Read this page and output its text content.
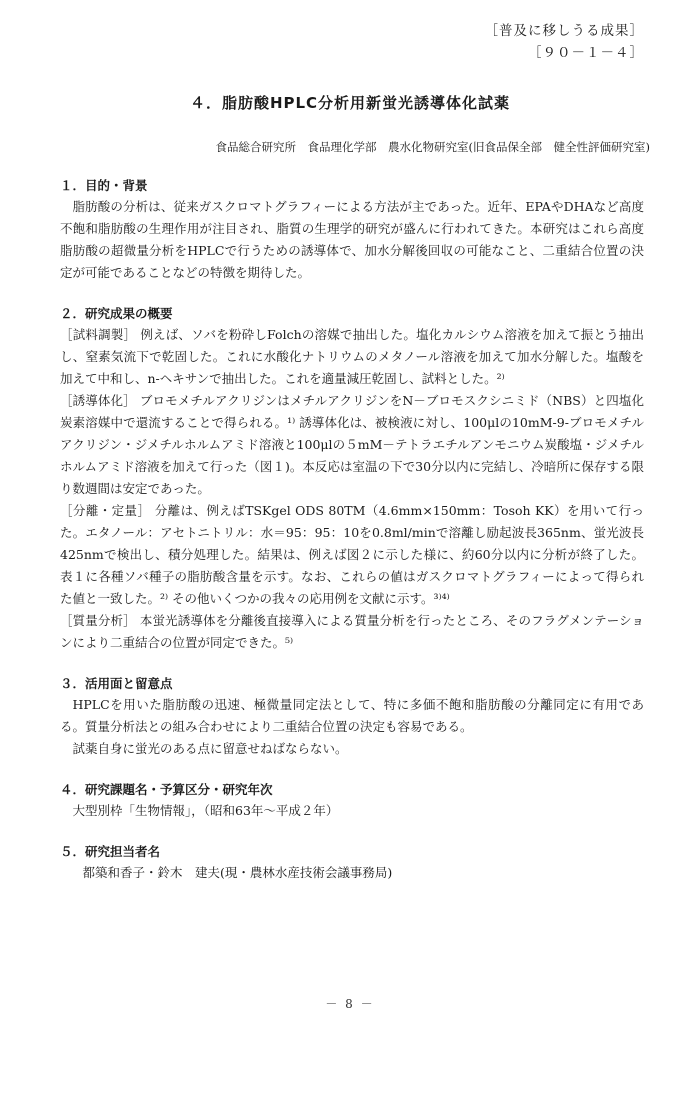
［普及に移しうる成果］
［９０－１－４］
４．脂肪酸HPLC分析用新蛍光誘導体化試薬
食品総合研究所　食品理化学部　農水化物研究室(旧食品保全部　健全性評価研究室)

１．目的・背景

脂肪酸の分析は、従来ガスクロマトグラフィーによる方法が主であった。近年、EPAやDHAなど高度不飽和脂肪酸の生理作用が注目され、脂質の生理学的研究が盛んに行われてきた。本研究はこれら高度脂肪酸の超微量分析をHPLCで行うための誘導体で、加水分解後回収の可能なこと、二重結合位置の決定が可能であることなどの特徴を期待した。

２．研究成果の概要

［試料調製］ 例えば、ソバを粉砕しFolchの溶媒で抽出した。塩化カルシウム溶液を加えて振とう抽出し、窒素気流下で乾固した。これに水酸化ナトリウムのメタノール溶液を加えて加水分解した。塩酸を加えて中和し、n-ヘキサンで抽出した。これを適量減圧乾固し、試料とした。²⁾

［誘導体化］ ブロモメチルアクリジンはメチルアクリジンをN－ブロモスクシニミド（NBS）と四塩化炭素溶媒中で還流することで得られる。¹⁾ 誘導体化は、被検液に対し、100μlの10mM-9-ブロモメチルアクリジン・ジメチルホルムアミド溶液と100μlの５mM－テトラエチルアンモニウム炭酸塩・ジメチルホルムアミド溶液を加えて行った（図１)。本反応は室温の下で30分以内に完結し、冷暗所に保存する限り数週間は安定であった。

［分離・定量］ 分離は、例えばTSKgel ODS 80TM（4.6mm×150mm：Tosoh KK）を用いて行った。エタノール：アセトニトリル：水＝95：95：10を0.8ml/minで溶離し励起波長365nm、蛍光波長425nmで検出し、積分処理した。結果は、例えば図２に示した様に、約60分以内に分析が終了した。表１に各種ソバ種子の脂肪酸含量を示す。なお、これらの値はガスクロマトグラフィーによって得られた値と一致した。²⁾ その他いくつかの我々の応用例を文献に示す。³⁾⁴⁾

［質量分析］ 本蛍光誘導体を分離後直接導入による質量分析を行ったところ、そのフラグメンテーションにより二重結合の位置が同定できた。⁵⁾

３．活用面と留意点

HPLCを用いた脂肪酸の迅速、極微量同定法として、特に多価不飽和脂肪酸の分離同定に有用である。質量分析法との組み合わせにより二重結合位置の決定も容易である。

試薬自身に蛍光のある点に留意せねばならない。

４．研究課題名・予算区分・研究年次

大型別枠「生物情報」，（昭和63年～平成２年）

５．研究担当者名

都築和香子・鈴木　建夫(現・農林水産技術会議事務局)

－ 8 －
